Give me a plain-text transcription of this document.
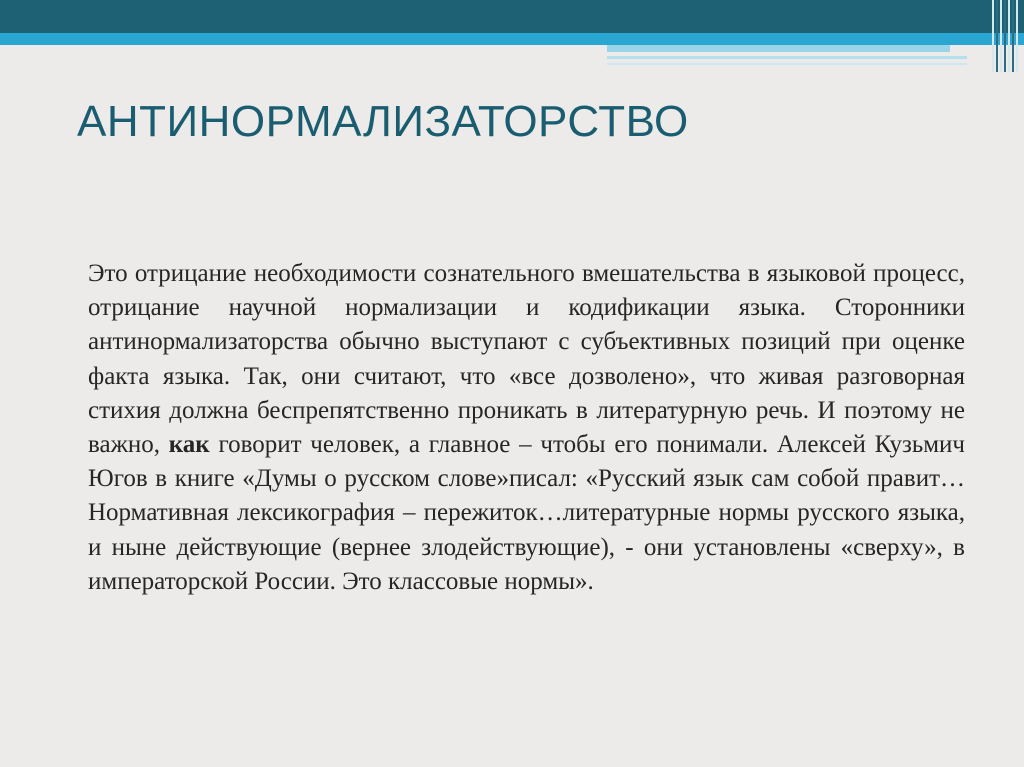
АНТИНОРМАЛИЗАТОРСТВО

Это отрицание необходимости сознательного вмешательства в языковой процесс, отрицание научной нормализации и кодификации языка. Сторонники антинормализаторства обычно выступают с субъективных позиций при оценке факта языка. Так, они считают, что «все дозволено», что живая разговорная стихия должна беспрепятственно проникать в литературную речь. И поэтому не важно, как говорит человек, а главное – чтобы его понимали. Алексей Кузьмич Югов в книге «Думы о русском слове»писал: «Русский язык сам собой правит…Нормативная лексикография – пережиток…литературные нормы русского языка, и ныне действующие (вернее злодействующие), - они установлены «сверху», в императорской России. Это классовые нормы».
